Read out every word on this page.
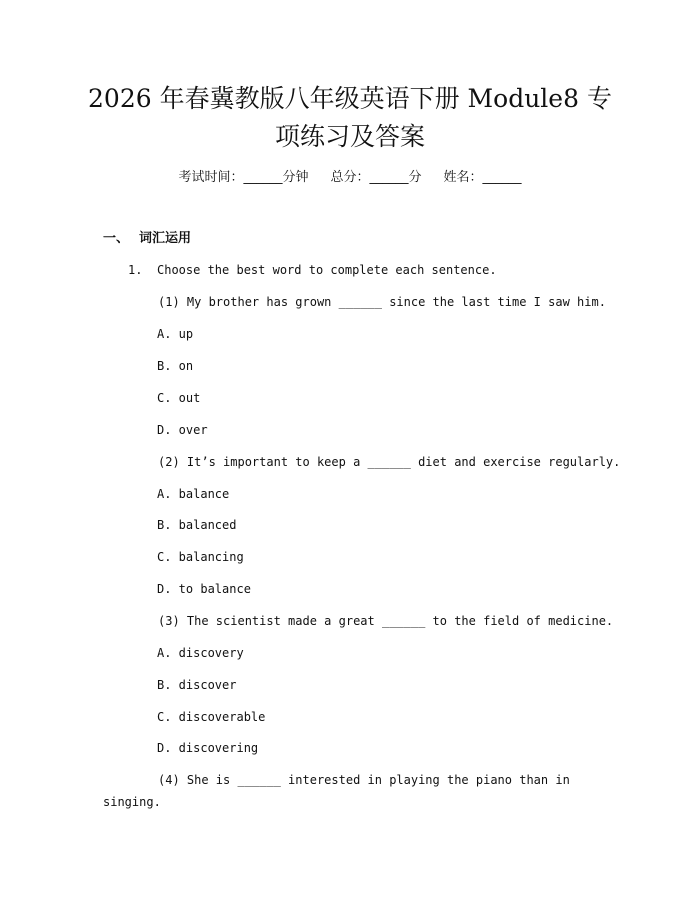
2026 年春冀教版八年级英语下册 Module8 专
项练习及答案
考试时间：______分钟 总分：______分 姓名：______
一、 词汇运用
1. Choose the best word to complete each sentence.
(1) My brother has grown ______ since the last time I saw him.
A. up
B. on
C. out
D. over
(2) It’s important to keep a ______ diet and exercise regularly.
A. balance
B. balanced
C. balancing
D. to balance
(3) The scientist made a great ______ to the field of medicine.
A. discovery
B. discover
C. discoverable
D. discovering
(4) She is ______ interested in playing the piano than in
singing.
